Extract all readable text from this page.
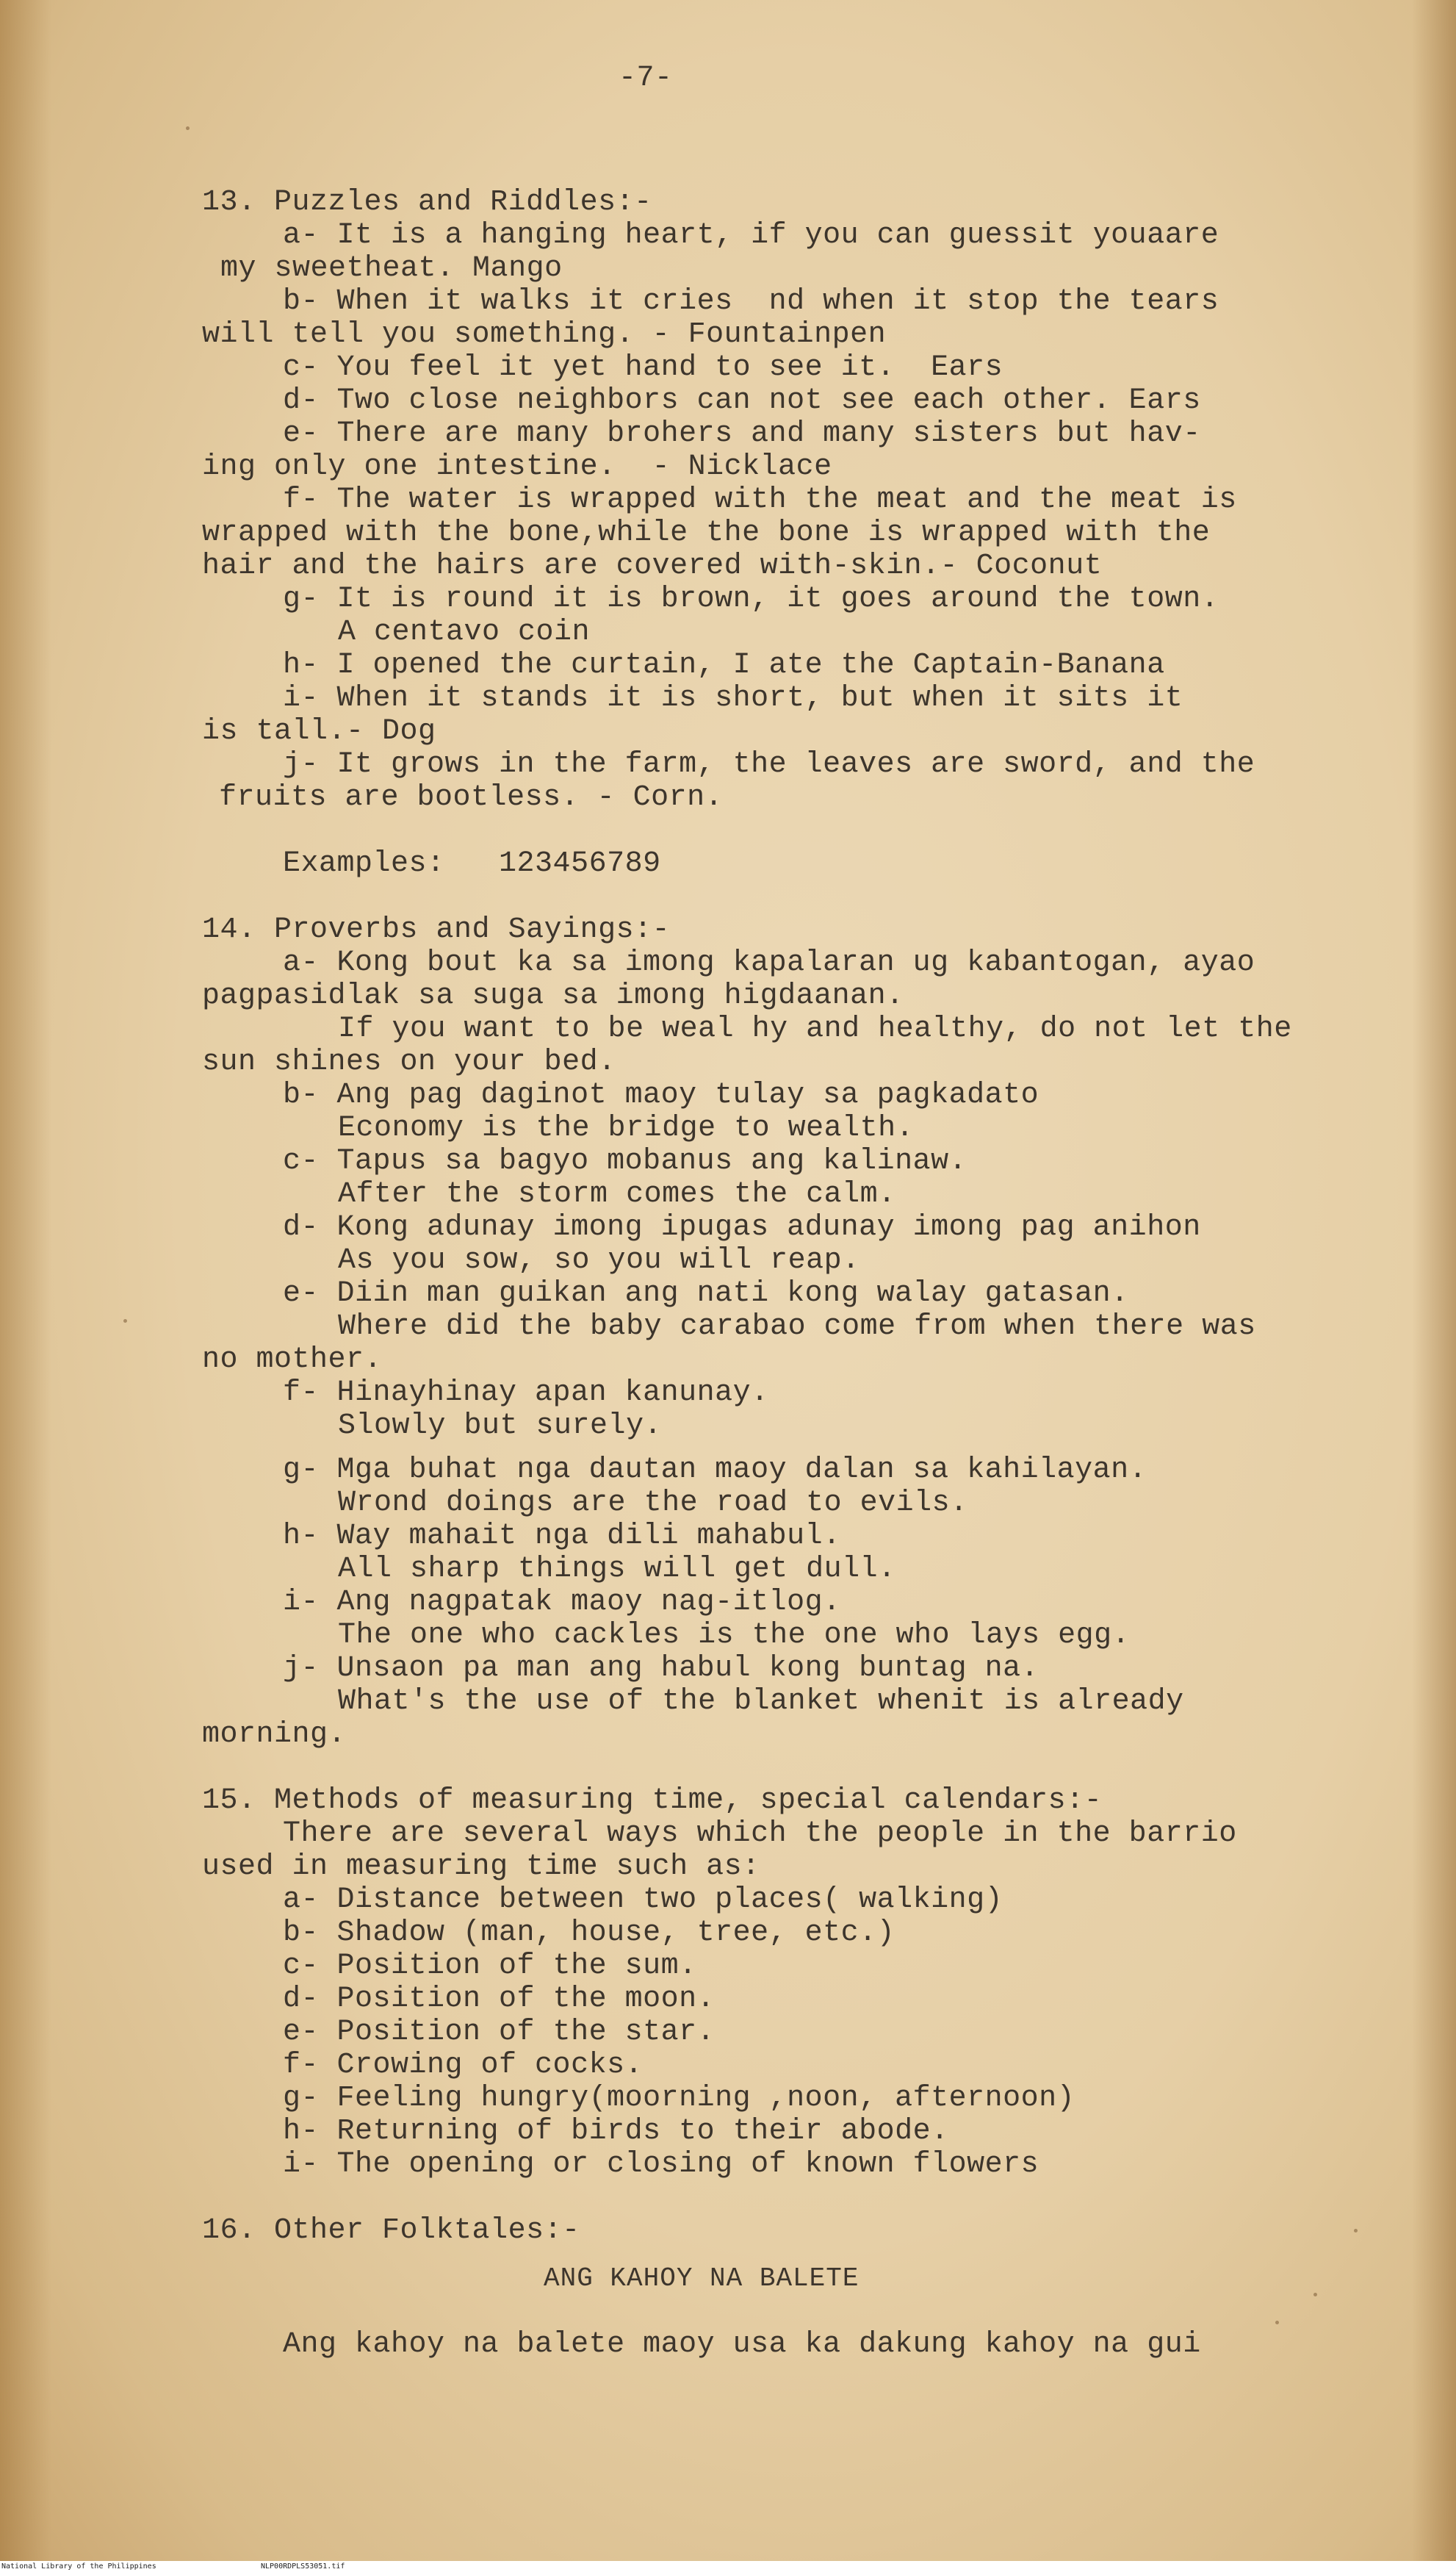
-7-
13. Puzzles and Riddles:-
a- It is a hanging heart, if you can guessit youaare
my sweetheat. Mango
b- When it walks it cries  nd when it stop the tears
will tell you something. - Fountainpen
c- You feel it yet hand to see it.  Ears
d- Two close neighbors can not see each other. Ears
e- There are many brohers and many sisters but hav-
ing only one intestine.  - Nicklace
f- The water is wrapped with the meat and the meat is
wrapped with the bone,while the bone is wrapped with the
hair and the hairs are covered with-skin.- Coconut
g- It is round it is brown, it goes around the town.
A centavo coin
h- I opened the curtain, I ate the Captain-Banana
i- When it stands it is short, but when it sits it
is tall.- Dog
j- It grows in the farm, the leaves are sword, and the
fruits are bootless. - Corn.
Examples:   123456789
14. Proverbs and Sayings:-
a- Kong bout ka sa imong kapalaran ug kabantogan, ayao
pagpasidlak sa suga sa imong higdaanan.
If you want to be weal hy and healthy, do not let the
sun shines on your bed.
b- Ang pag daginot maoy tulay sa pagkadato
Economy is the bridge to wealth.
c- Tapus sa bagyo mobanus ang kalinaw.
After the storm comes the calm.
d- Kong adunay imong ipugas adunay imong pag anihon
As you sow, so you will reap.
e- Diin man guikan ang nati kong walay gatasan.
Where did the baby carabao come from when there was
no mother.
f- Hinayhinay apan kanunay.
Slowly but surely.
g- Mga buhat nga dautan maoy dalan sa kahilayan.
Wrond doings are the road to evils.
h- Way mahait nga dili mahabul.
All sharp things will get dull.
i- Ang nagpatak maoy nag-itlog.
The one who cackles is the one who lays egg.
j- Unsaon pa man ang habul kong buntag na.
What's the use of the blanket whenit is already
morning.
15. Methods of measuring time, special calendars:-
There are several ways which the people in the barrio
used in measuring time such as:
a- Distance between two places( walking)
b- Shadow (man, house, tree, etc.)
c- Position of the sum.
d- Position of the moon.
e- Position of the star.
f- Crowing of cocks.
g- Feeling hungry(moorning ,noon, afternoon)
h- Returning of birds to their abode.
i- The opening or closing of known flowers
16. Other Folktales:-
ANG KAHOY NA BALETE
Ang kahoy na balete maoy usa ka dakung kahoy na gui
National Library of the Philippines	NLP00RDPLS53051.tif
